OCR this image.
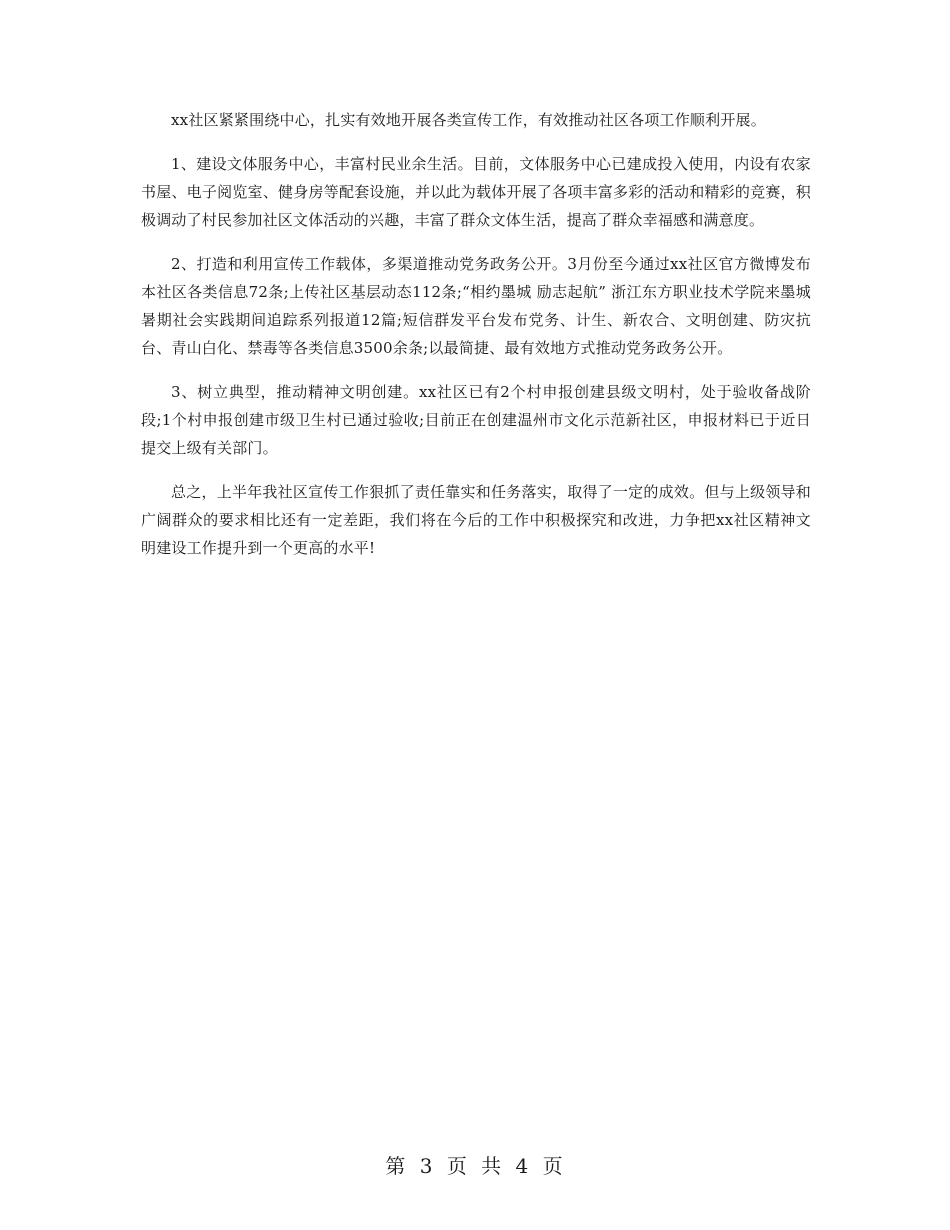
xx社区紧紧围绕中心，扎实有效地开展各类宣传工作，有效推动社区各项工作顺利开展。

1、建设文体服务中心，丰富村民业余生活。目前，文体服务中心已建成投入使用，内设有农家书屋、电子阅览室、健身房等配套设施，并以此为载体开展了各项丰富多彩的活动和精彩的竞赛，积极调动了村民参加社区文体活动的兴趣，丰富了群众文体生活，提高了群众幸福感和满意度。

2、打造和利用宣传工作载体，多渠道推动党务政务公开。3月份至今通过xx社区官方微博发布本社区各类信息72条;上传社区基层动态112条;“相约墨城 励志起航” 浙江东方职业技术学院来墨城暑期社会实践期间追踪系列报道12篇;短信群发平台发布党务、计生、新农合、文明创建、防灾抗台、青山白化、禁毒等各类信息3500余条;以最简捷、最有效地方式推动党务政务公开。

3、树立典型，推动精神文明创建。xx社区已有2个村申报创建县级文明村，处于验收备战阶段;1个村申报创建市级卫生村已通过验收;目前正在创建温州市文化示范新社区，申报材料已于近日提交上级有关部门。

总之，上半年我社区宣传工作狠抓了责任靠实和任务落实，取得了一定的成效。但与上级领导和广阔群众的要求相比还有一定差距，我们将在今后的工作中积极探究和改进，力争把xx社区精神文明建设工作提升到一个更高的水平!

第 3 页 共 4 页
